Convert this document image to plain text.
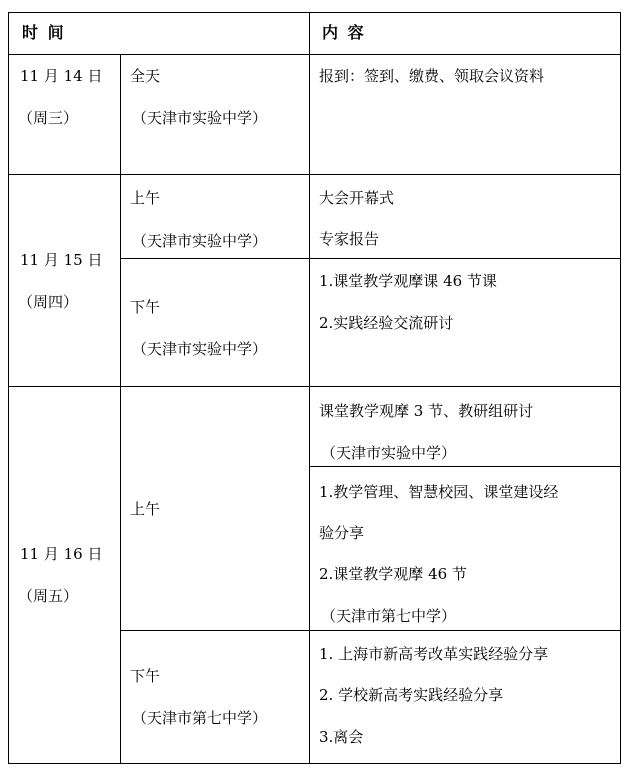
时 间	内 容
11 月 14 日
（周三）
全天
（天津市实验中学）
报到：签到、缴费、领取会议资料
11 月 15 日
（周四）
上午
（天津市实验中学）
大会开幕式
专家报告
下午
（天津市实验中学）
1.课堂教学观摩课 46 节课
2.实践经验交流研讨
11 月 16 日
（周五）
上午
课堂教学观摩 3 节、教研组研讨
（天津市实验中学）
1.教学管理、智慧校园、课堂建设经
验分享
2.课堂教学观摩 46 节
（天津市第七中学）
下午
（天津市第七中学）
1. 上海市新高考改革实践经验分享
2. 学校新高考实践经验分享
3.离会
